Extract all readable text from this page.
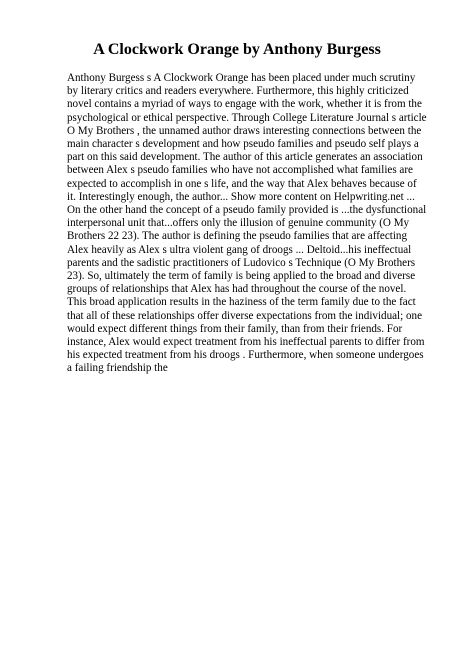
A Clockwork Orange by Anthony Burgess

Anthony Burgess s A Clockwork Orange has been placed under much scrutiny by literary critics and readers everywhere. Furthermore, this highly criticized novel contains a myriad of ways to engage with the work, whether it is from the psychological or ethical perspective. Through College Literature Journal s article O My Brothers , the unnamed author draws interesting connections between the main character s development and how pseudo families and pseudo self plays a part on this said development. The author of this article generates an association between Alex s pseudo families who have not accomplished what families are expected to accomplish in one s life, and the way that Alex behaves because of it. Interestingly enough, the author... Show more content on Helpwriting.net ...

On the other hand the concept of a pseudo family provided is ...the dysfunctional interpersonal unit that...offers only the illusion of genuine community (O My Brothers 22 23). The author is defining the pseudo families that are affecting Alex heavily as Alex s ultra violent gang of droogs ... Deltoid...his ineffectual parents and the sadistic practitioners of Ludovico s Technique (O My Brothers 23). So, ultimately the term of family is being applied to the broad and diverse groups of relationships that Alex has had throughout the course of the novel. This broad application results in the haziness of the term family due to the fact that all of these relationships offer diverse expectations from the individual; one would expect different things from their family, than from their friends. For instance, Alex would expect treatment from his ineffectual parents to differ from his expected treatment from his droogs . Furthermore, when someone undergoes a failing friendship the
